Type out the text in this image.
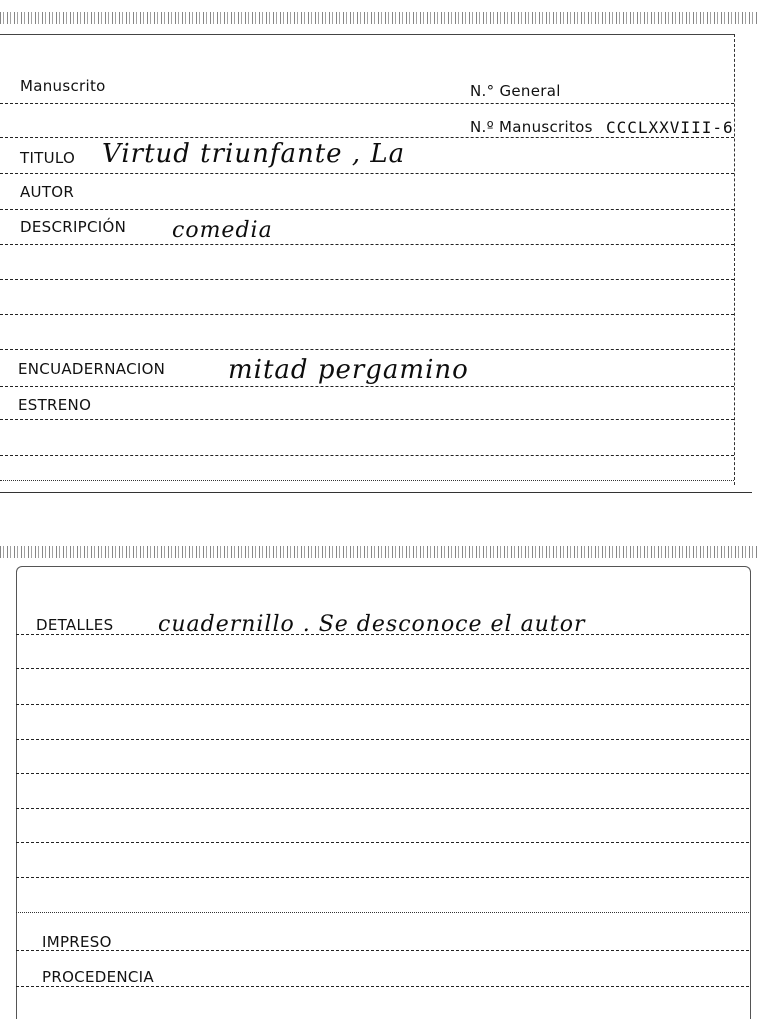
Manuscrito	N.° General
N.º Manuscritos CCCLXXVIII-6
TITULO Virtud triunfante , La
AUTOR
DESCRIPCIÓN comedia
ENCUADERNACION mitad pergamino
ESTRENO
DETALLES cuadernillo . Se desconoce el autor
IMPRESO
PROCEDENCIA
